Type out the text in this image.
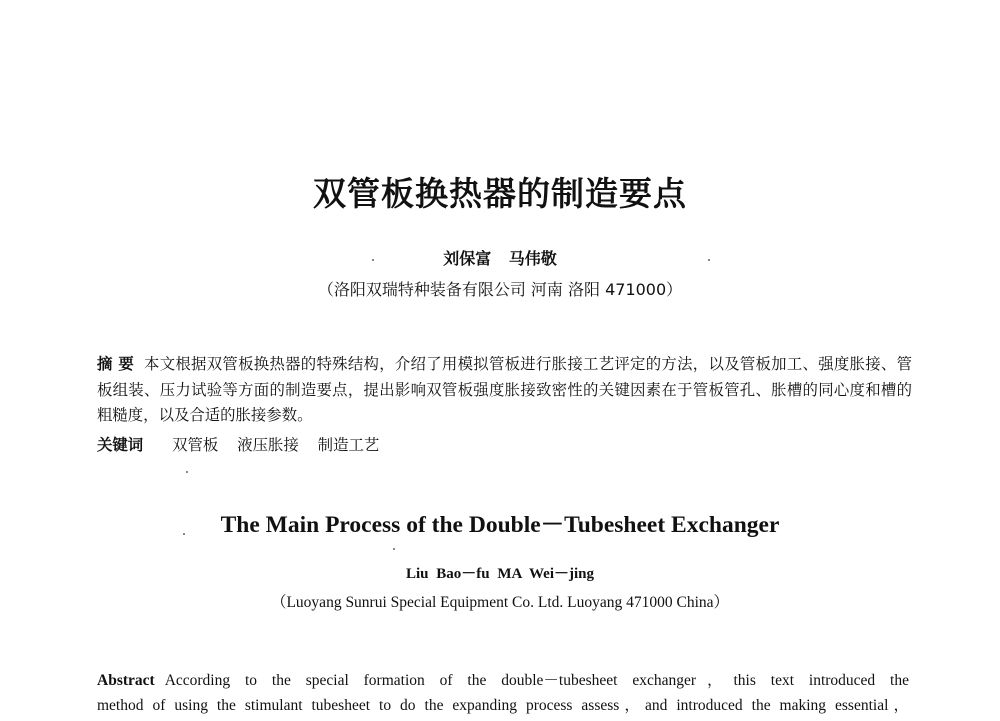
双管板换热器的制造要点
刘保富 马伟敬
（洛阳双瑞特种装备有限公司 河南 洛阳 471000）
摘 要 本文根据双管板换热器的特殊结构，介绍了用模拟管板进行胀接工艺评定的方法，以及管板加工、强度胀接、管板组装、压力试验等方面的制造要点，提出影响双管板强度胀接致密性的关键因素在于管板管孔、胀槽的同心度和槽的粗糙度，以及合适的胀接参数。
关键词 双管板 液压胀接 制造工艺
The Main Process of the Double－Tubesheet Exchanger
Liu Bao－fu MA Wei－jing
（Luoyang Sunrui Special Equipment Co. Ltd. Luoyang 471000 China）
Abstract According to the special formation of the double－tubesheet exchanger，this text introduced the
method of using the stimulant tubesheet to do the expanding process assess，and introduced the making essential，
